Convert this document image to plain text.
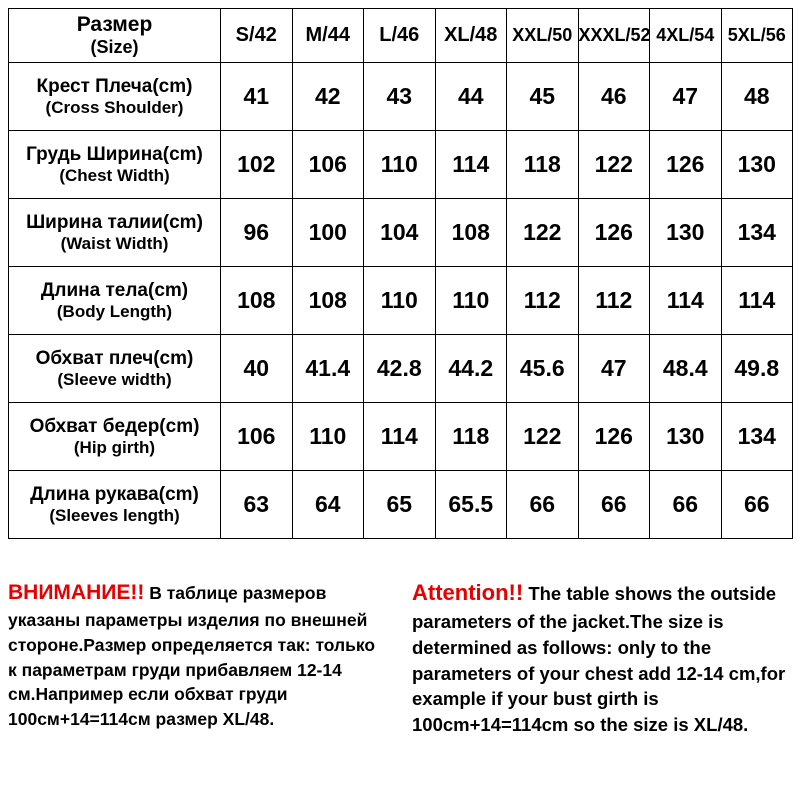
Размер
(Size)	S/42	M/44	L/46	XL/48	XXL/50	XXXL/52	4XL/54	5XL/56

Крест Плеча(cm)
(Cross Shoulder)	41	42	43	44	45	46	47	48

Грудь Ширина(cm)
(Chest Width)	102	106	110	114	118	122	126	130

Ширина талии(cm)
(Waist Width)	96	100	104	108	122	126	130	134

Длина тела(cm)
(Body Length)	108	108	110	110	112	112	114	114

Обхват плеч(cm)
(Sleeve width)	40	41.4	42.8	44.2	45.6	47	48.4	49.8

Обхват бедер(cm)
(Hip girth)	106	110	114	118	122	126	130	134

Длина рукава(cm)
(Sleeves length)	63	64	65	65.5	66	66	66	66
ВНИМАНИЕ!! В таблице размеров указаны параметры изделия по внешней стороне.Размер определяется так: только к параметрам груди прибавляем 12-14 см.Например если обхват груди 100см+14=114см размер XL/48.
Attention!! The table shows the outside parameters of the jacket.The size is determined as follows: only to the parameters of your chest add 12-14 cm,for example if your bust girth is 100cm+14=114cm so the size is XL/48.
